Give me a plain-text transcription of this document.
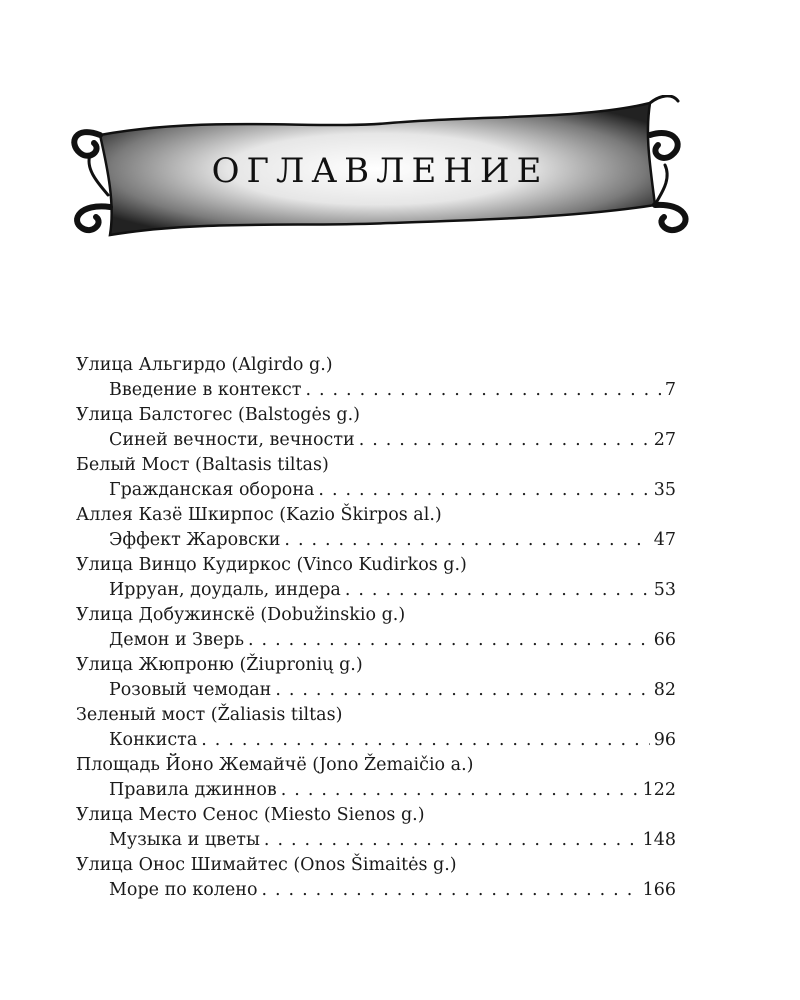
ОГЛАВЛЕНИЕ
Улица Альгирдо (Algirdo g.)
Введение в контекст . . .	7
Улица Балстогес (Balstogės g.)
Синей вечности, вечности . . .	27
Белый Мост (Baltasis tiltas)
Гражданская оборона . . .	35
Аллея Казё Шкирпос (Kazio Škirpos al.)
Эффект Жаровски . . .	47
Улица Винцо Кудиркос (Vinco Kudirkos g.)
Ирруан, доудаль, индера . . .	53
Улица Добужинскё (Dobužinskio g.)
Демон и Зверь . . .	66
Улица Жюпроню (Žiupronių g.)
Розовый чемодан . . .	82
Зеленый мост (Žaliasis tiltas)
Конкиста . . .	96
Площадь Йоно Жемайчё (Jono Žemaičio a.)
Правила джиннов . . .	122
Улица Место Сенос (Miesto Sienos g.)
Музыка и цветы . . .	148
Улица Онос Шимайтес (Onos Šimaitės g.)
Море по колено . . .	166
